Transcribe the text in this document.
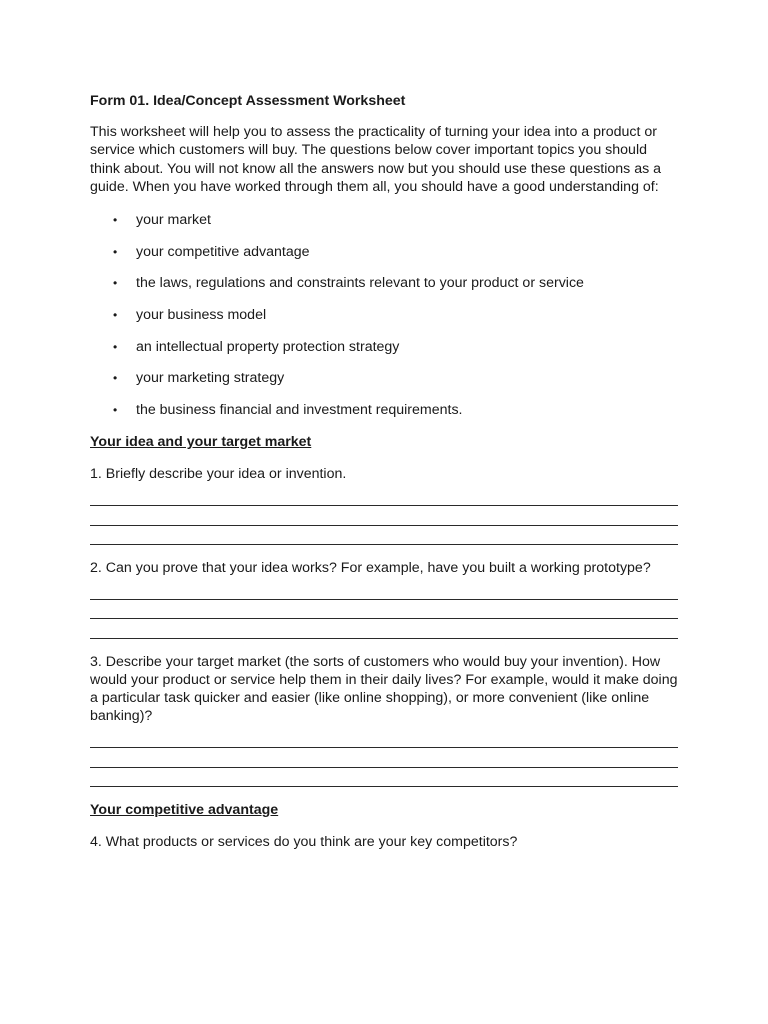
Form 01. Idea/Concept Assessment Worksheet

This worksheet will help you to assess the practicality of turning your idea into a product or service which customers will buy. The questions below cover important topics you should think about. You will not know all the answers now but you should use these questions as a guide. When you have worked through them all, you should have a good understanding of:

• your market
• your competitive advantage
• the laws, regulations and constraints relevant to your product or service
• your business model
• an intellectual property protection strategy
• your marketing strategy
• the business financial and investment requirements.

Your idea and your target market

1. Briefly describe your idea or invention.

2. Can you prove that your idea works? For example, have you built a working prototype?

3. Describe your target market (the sorts of customers who would buy your invention). How would your product or service help them in their daily lives? For example, would it make doing a particular task quicker and easier (like online shopping), or more convenient (like online banking)?

Your competitive advantage

4. What products or services do you think are your key competitors?
